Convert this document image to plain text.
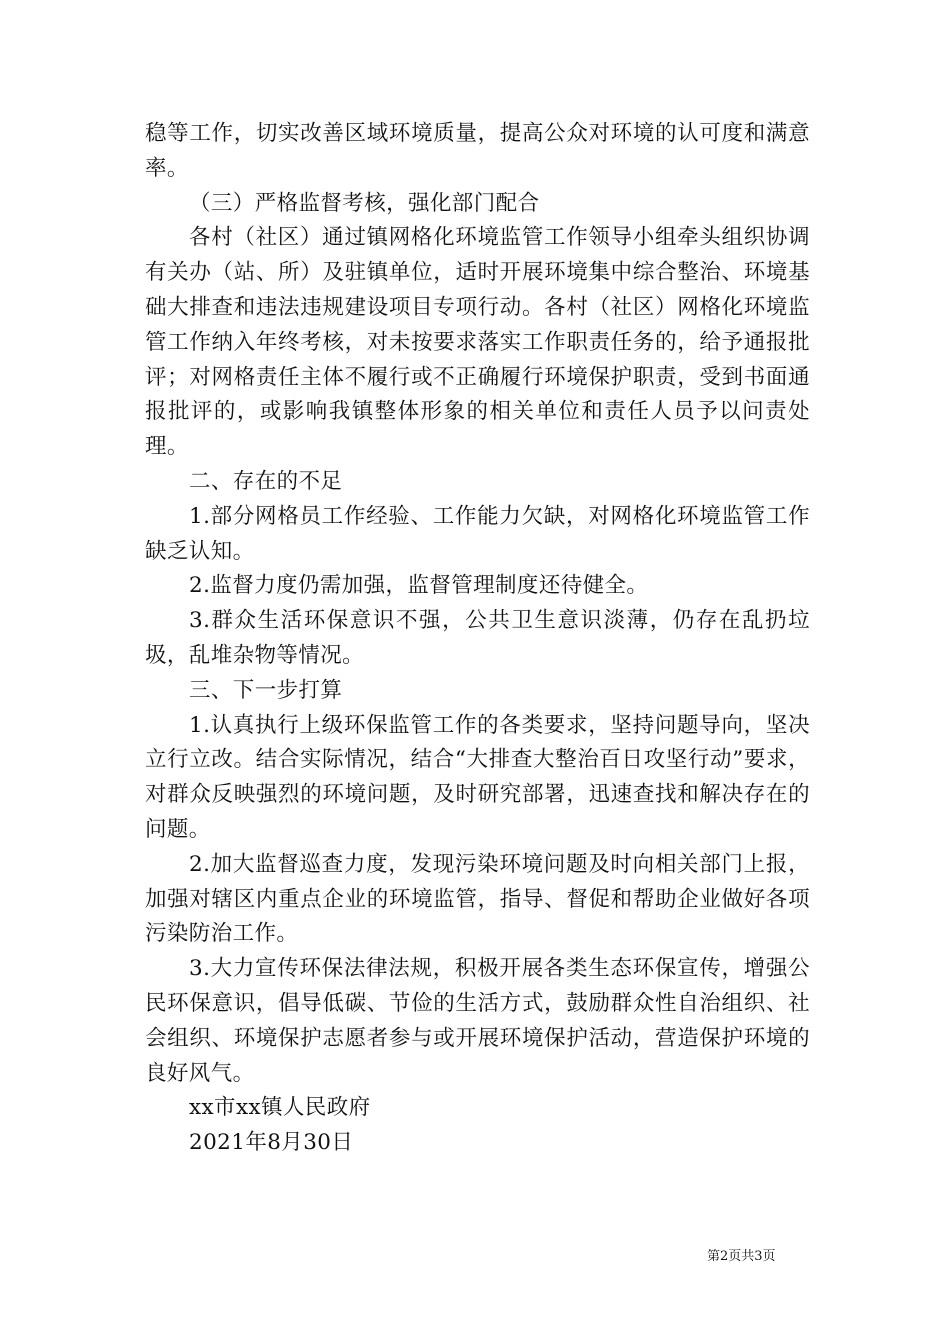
稳等工作，切实改善区域环境质量，提高公众对环境的认可度和满意率。

（三）严格监督考核，强化部门配合

各村（社区）通过镇网格化环境监管工作领导小组牵头组织协调有关办（站、所）及驻镇单位，适时开展环境集中综合整治、环境基础大排查和违法违规建设项目专项行动。各村（社区）网格化环境监管工作纳入年终考核，对未按要求落实工作职责任务的，给予通报批评；对网格责任主体不履行或不正确履行环境保护职责，受到书面通报批评的，或影响我镇整体形象的相关单位和责任人员予以问责处理。

二、存在的不足

1.部分网格员工作经验、工作能力欠缺，对网格化环境监管工作缺乏认知。

2.监督力度仍需加强，监督管理制度还待健全。

3.群众生活环保意识不强，公共卫生意识淡薄，仍存在乱扔垃圾，乱堆杂物等情况。

三、下一步打算

1.认真执行上级环保监管工作的各类要求，坚持问题导向，坚决立行立改。结合实际情况，结合“大排查大整治百日攻坚行动”要求，对群众反映强烈的环境问题，及时研究部署，迅速查找和解决存在的问题。

2.加大监督巡查力度，发现污染环境问题及时向相关部门上报，加强对辖区内重点企业的环境监管，指导、督促和帮助企业做好各项污染防治工作。

3.大力宣传环保法律法规，积极开展各类生态环保宣传，增强公民环保意识，倡导低碳、节俭的生活方式，鼓励群众性自治组织、社会组织、环境保护志愿者参与或开展环境保护活动，营造保护环境的良好风气。

xx市xx镇人民政府

2021年8月30日

第2页共3页
